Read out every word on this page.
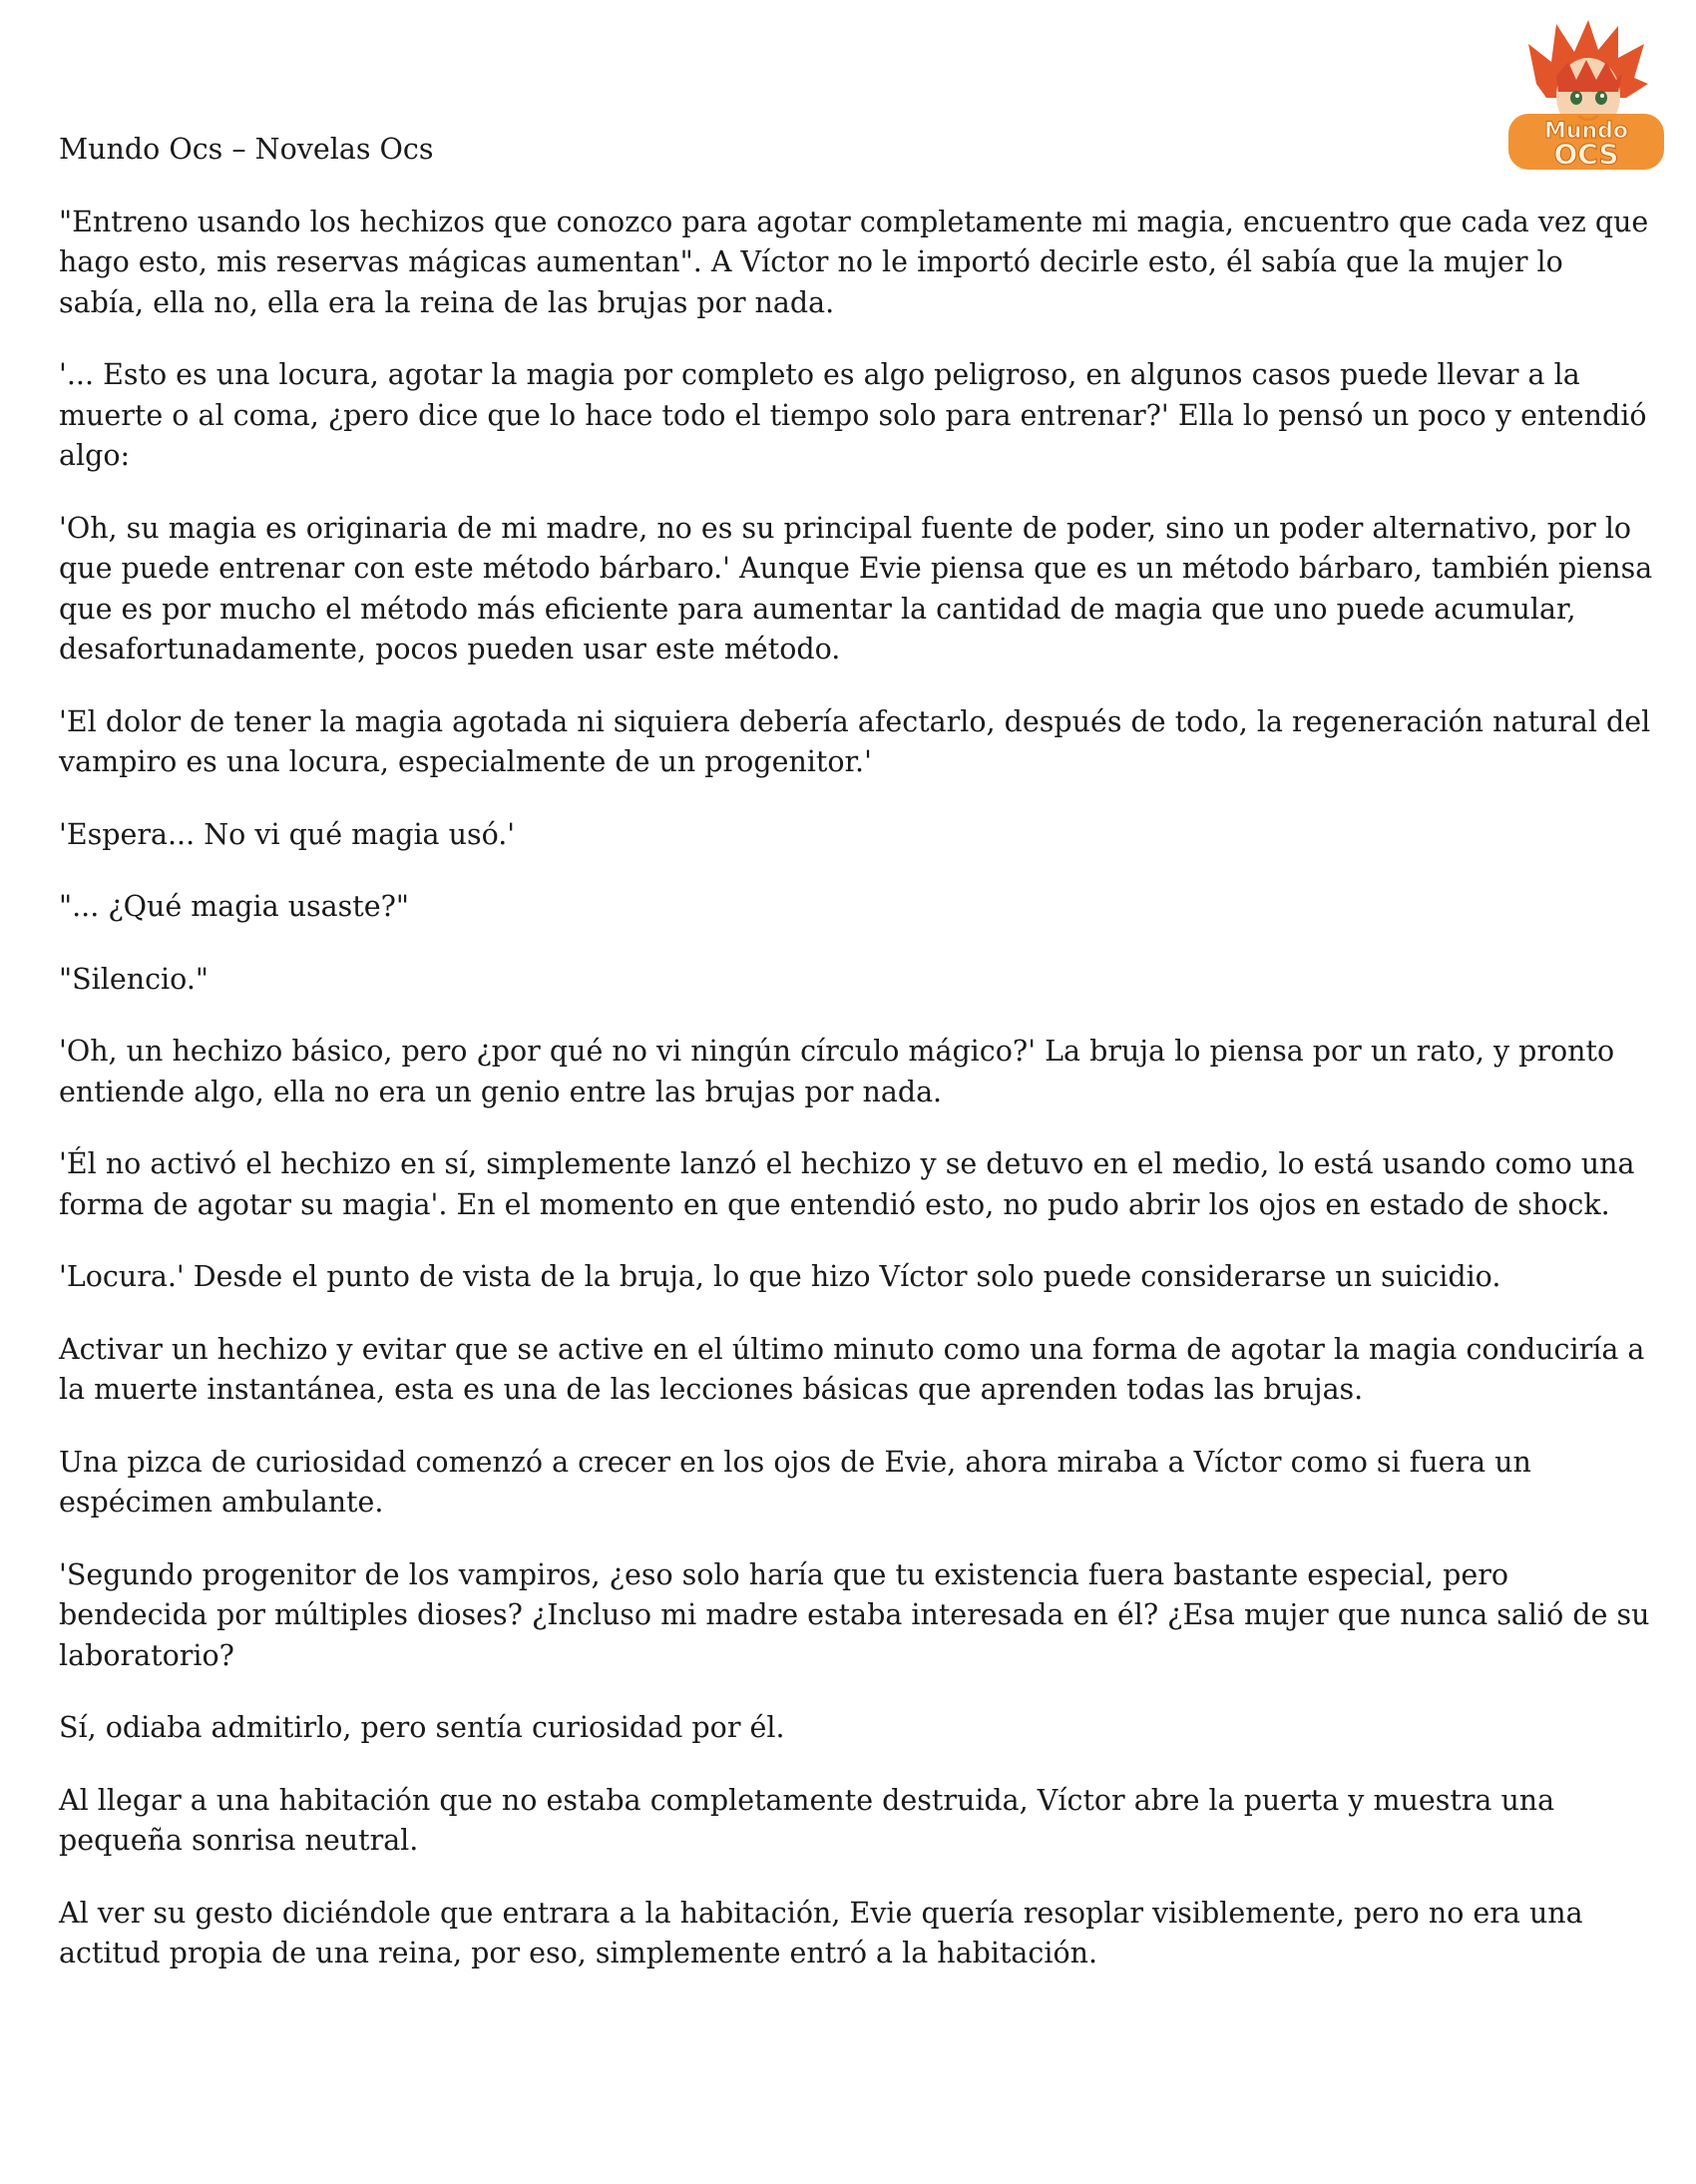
Mundo
OCS

Mundo Ocs – Novelas Ocs

"Entreno usando los hechizos que conozco para agotar completamente mi magia, encuentro que cada vez que hago esto, mis reservas mágicas aumentan". A Víctor no le importó decirle esto, él sabía que la mujer lo sabía, ella no, ella era la reina de las brujas por nada.

'... Esto es una locura, agotar la magia por completo es algo peligroso, en algunos casos puede llevar a la muerte o al coma, ¿pero dice que lo hace todo el tiempo solo para entrenar?' Ella lo pensó un poco y entendió algo:

'Oh, su magia es originaria de mi madre, no es su principal fuente de poder, sino un poder alternativo, por lo que puede entrenar con este método bárbaro.' Aunque Evie piensa que es un método bárbaro, también piensa que es por mucho el método más eficiente para aumentar la cantidad de magia que uno puede acumular, desafortunadamente, pocos pueden usar este método.

'El dolor de tener la magia agotada ni siquiera debería afectarlo, después de todo, la regeneración natural del vampiro es una locura, especialmente de un progenitor.'

'Espera... No vi qué magia usó.'

"... ¿Qué magia usaste?"

"Silencio."

'Oh, un hechizo básico, pero ¿por qué no vi ningún círculo mágico?' La bruja lo piensa por un rato, y pronto entiende algo, ella no era un genio entre las brujas por nada.

'Él no activó el hechizo en sí, simplemente lanzó el hechizo y se detuvo en el medio, lo está usando como una forma de agotar su magia'. En el momento en que entendió esto, no pudo abrir los ojos en estado de shock.

'Locura.' Desde el punto de vista de la bruja, lo que hizo Víctor solo puede considerarse un suicidio.

Activar un hechizo y evitar que se active en el último minuto como una forma de agotar la magia conduciría a la muerte instantánea, esta es una de las lecciones básicas que aprenden todas las brujas.

Una pizca de curiosidad comenzó a crecer en los ojos de Evie, ahora miraba a Víctor como si fuera un espécimen ambulante.

'Segundo progenitor de los vampiros, ¿eso solo haría que tu existencia fuera bastante especial, pero bendecida por múltiples dioses? ¿Incluso mi madre estaba interesada en él? ¿Esa mujer que nunca salió de su laboratorio?

Sí, odiaba admitirlo, pero sentía curiosidad por él.

Al llegar a una habitación que no estaba completamente destruida, Víctor abre la puerta y muestra una pequeña sonrisa neutral.

Al ver su gesto diciéndole que entrara a la habitación, Evie quería resoplar visiblemente, pero no era una actitud propia de una reina, por eso, simplemente entró a la habitación.
